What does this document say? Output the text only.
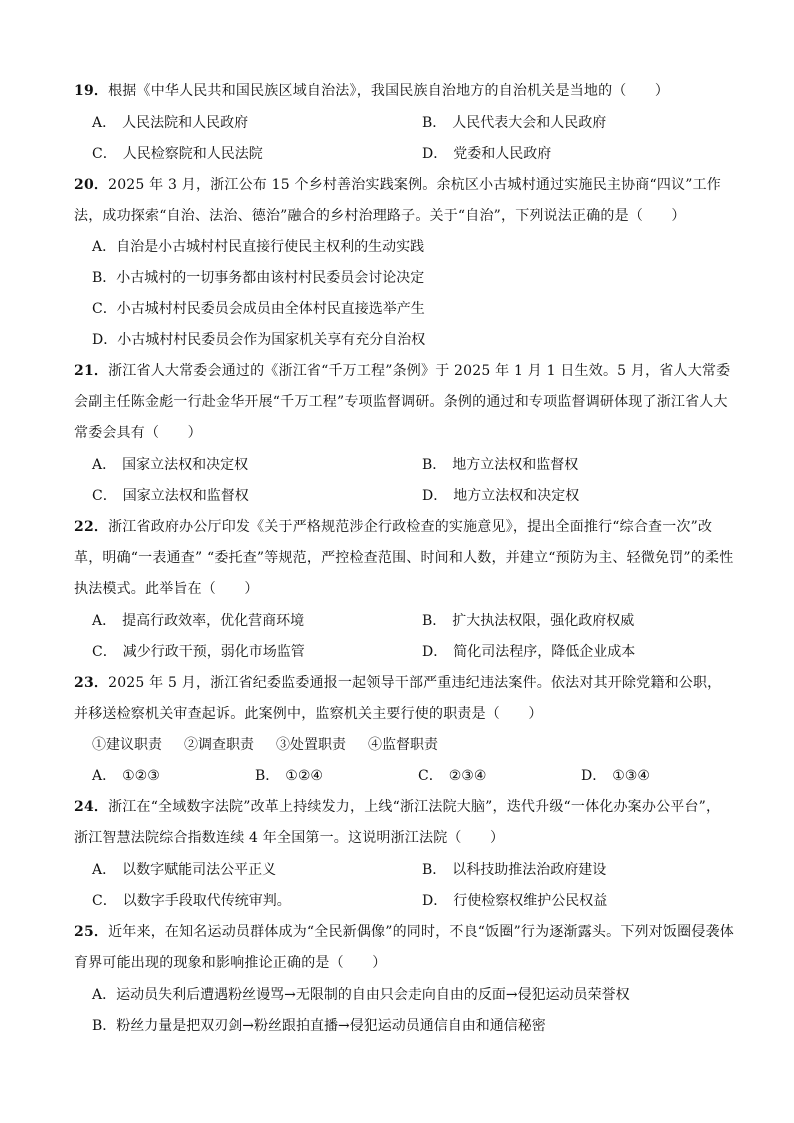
19．根据《中华人民共和国民族区域自治法》，我国民族自治地方的自治机关是当地的（　　）
A． 人民法院和人民政府	B． 人民代表大会和人民政府
C． 人民检察院和人民法院	D． 党委和人民政府
20．2025 年 3 月，浙江公布 15 个乡村善治实践案例。余杭区小古城村通过实施民主协商“四议”工作法，成功探索“自治、法治、德治”融合的乡村治理路子。关于“自治”，下列说法正确的是（　　）
A．自治是小古城村村民直接行使民主权利的生动实践
B．小古城村的一切事务都由该村村民委员会讨论决定
C．小古城村村民委员会成员由全体村民直接选举产生
D．小古城村村民委员会作为国家机关享有充分自治权
21．浙江省人大常委会通过的《浙江省“千万工程”条例》于 2025 年 1 月 1 日生效。5 月，省人大常委会副主任陈金彪一行赴金华开展“千万工程”专项监督调研。条例的通过和专项监督调研体现了浙江省人大常委会具有（　　）
A． 国家立法权和决定权	B． 地方立法权和监督权
C． 国家立法权和监督权	D． 地方立法权和决定权
22．浙江省政府办公厅印发《关于严格规范涉企行政检查的实施意见》，提出全面推行“综合查一次”改革，明确“一表通查” “委托查”等规范，严控检查范围、时间和人数，并建立“预防为主、轻微免罚”的柔性执法模式。此举旨在（　　）
A． 提高行政效率，优化营商环境	B． 扩大执法权限，强化政府权威
C． 减少行政干预，弱化市场监管	D． 简化司法程序，降低企业成本
23．2025 年 5 月，浙江省纪委监委通报一起领导干部严重违纪违法案件。依法对其开除党籍和公职，并移送检察机关审查起诉。此案例中，监察机关主要行使的职责是（　　）
①建议职责 ②调查职责 ③处置职责 ④监督职责
A． ①②③	B． ①②④	C． ②③④	D． ①③④
24．浙江在“全域数字法院”改革上持续发力，上线“浙江法院大脑”，迭代升级“一体化办案办公平台”，浙江智慧法院综合指数连续 4 年全国第一。这说明浙江法院（　　）
A． 以数字赋能司法公平正义	B． 以科技助推法治政府建设
C． 以数字手段取代传统审判。	D． 行使检察权维护公民权益
25．近年来，在知名运动员群体成为“全民新偶像”的同时，不良“饭圈”行为逐渐露头。下列对饭圈侵袭体育界可能出现的现象和影响推论正确的是（　　）
A．运动员失利后遭遇粉丝谩骂→无限制的自由只会走向自由的反面→侵犯运动员荣誉权
B．粉丝力量是把双刃剑→粉丝跟拍直播→侵犯运动员通信自由和通信秘密
